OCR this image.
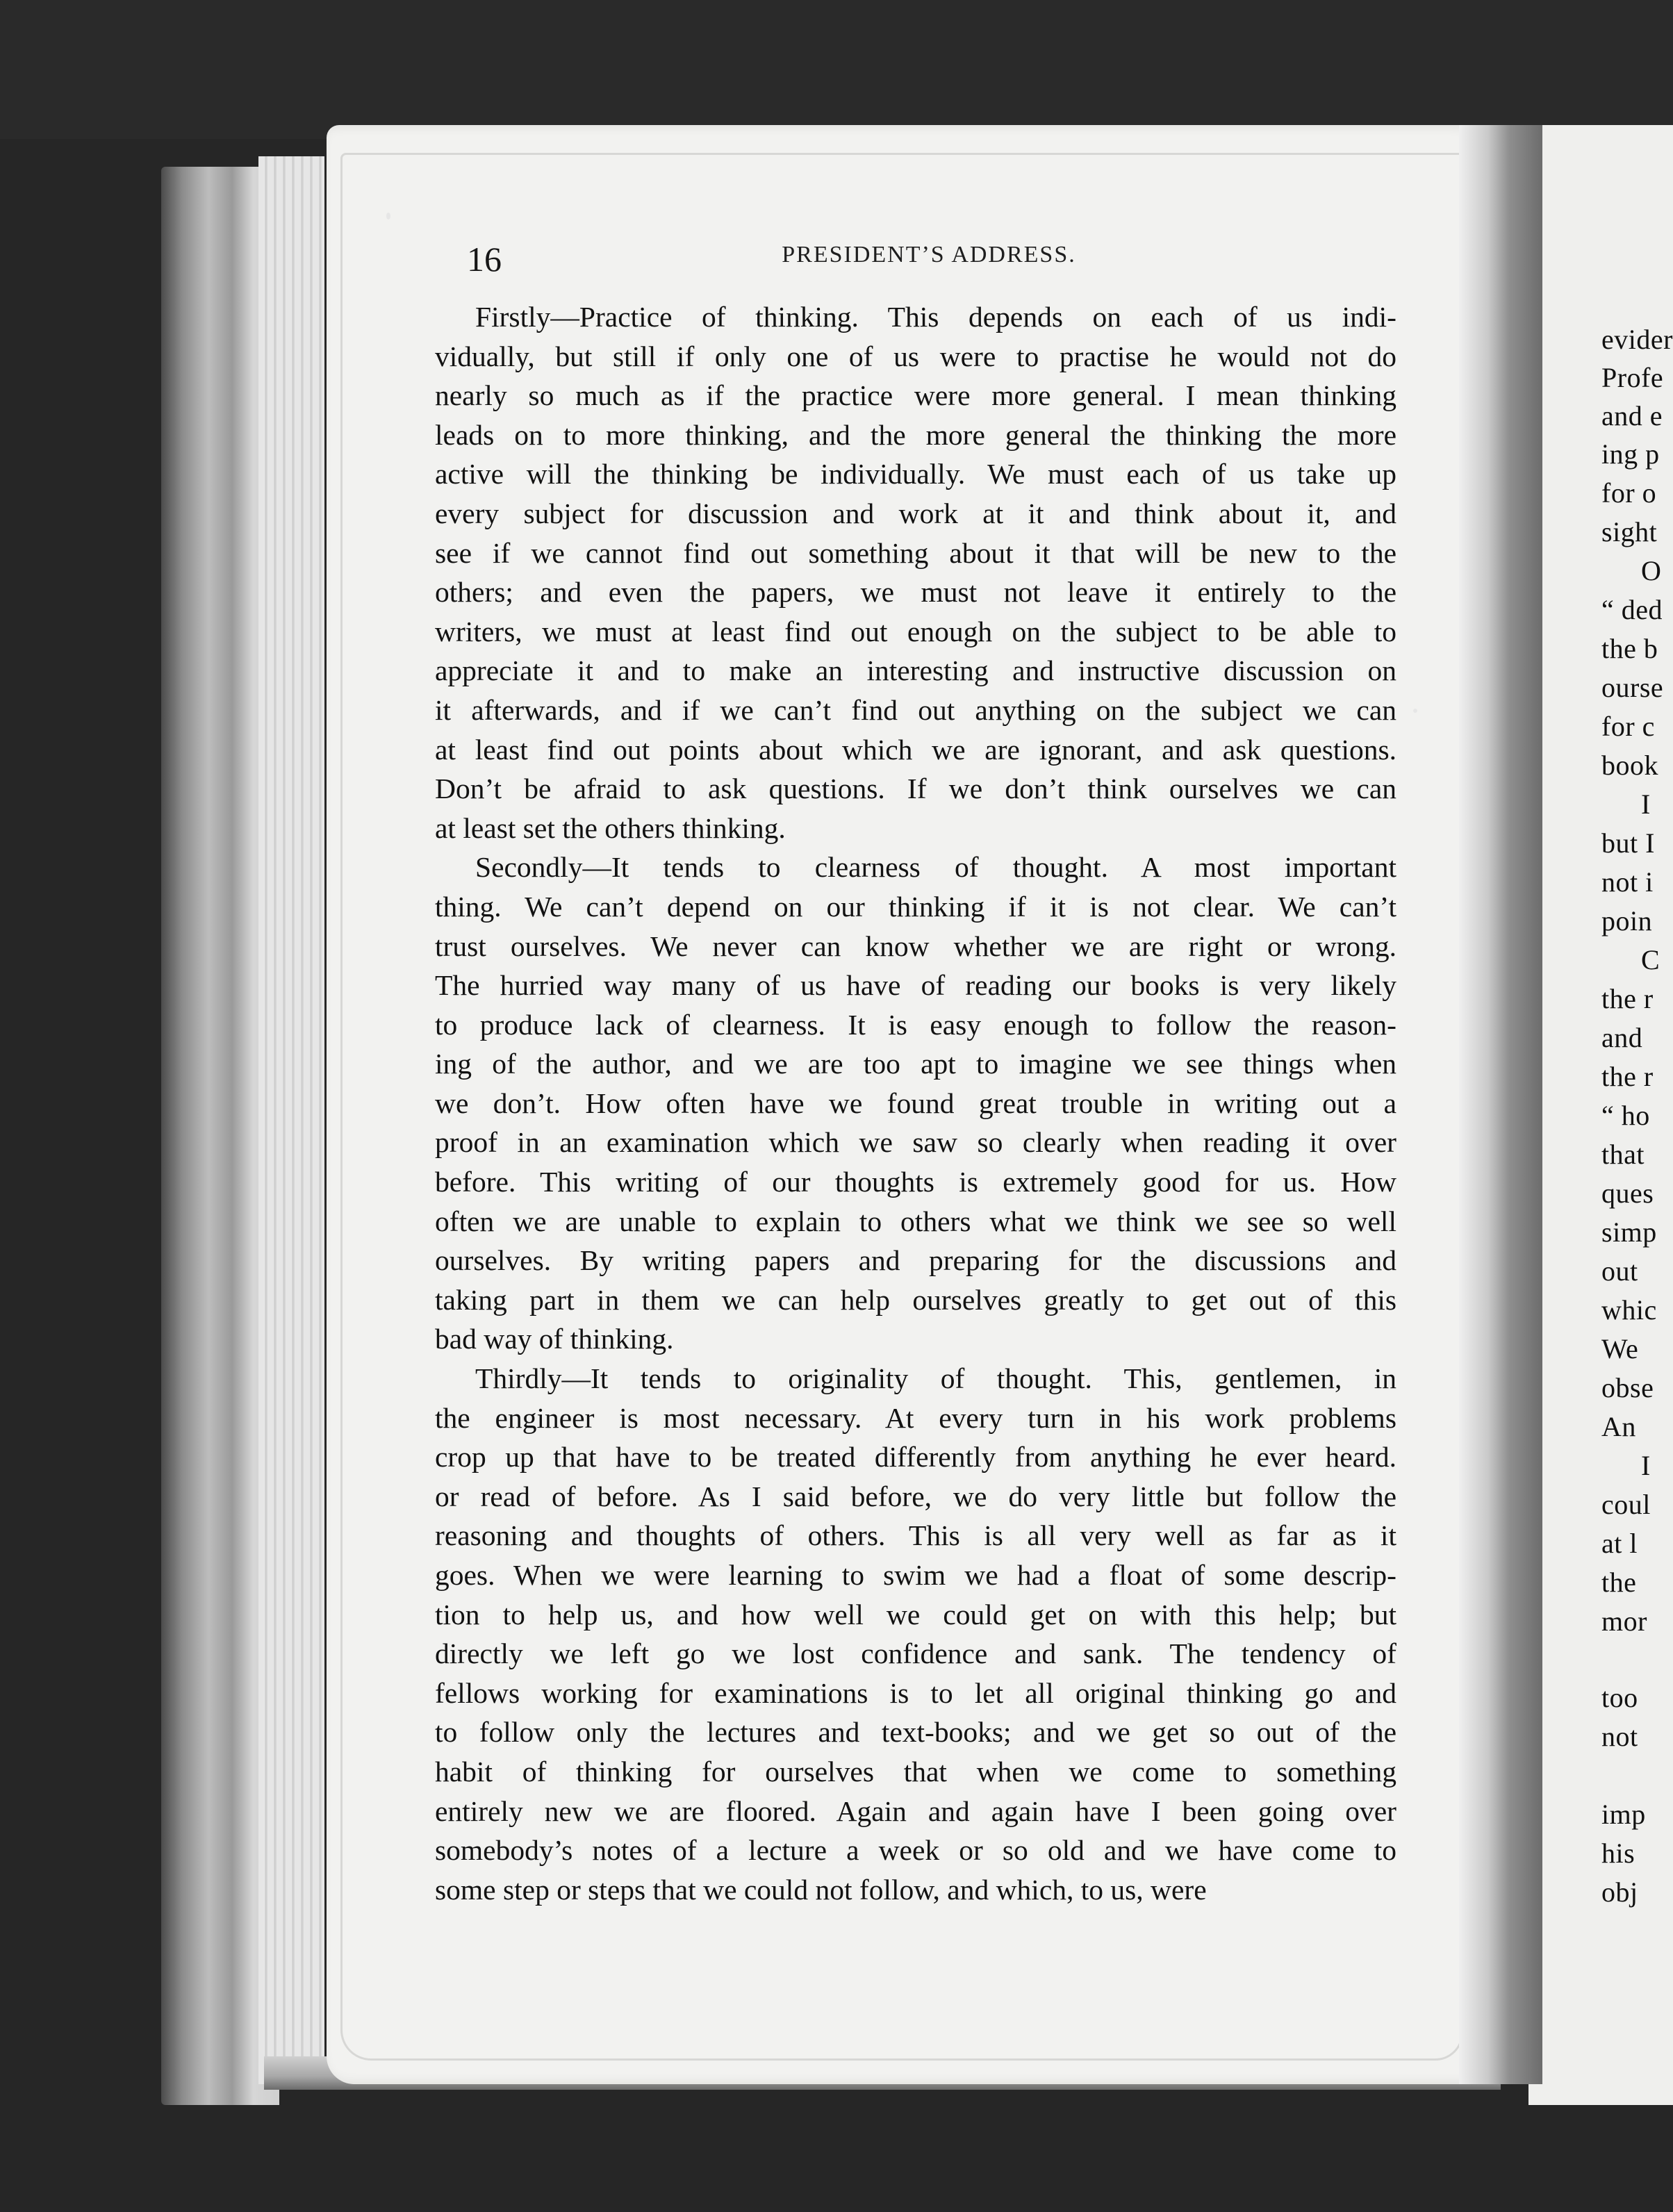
evider
Profe
and e
ing p
for o
sight
O
“ ded
the b
ourse
for c
book
I
but I
not i
poin
C
the r
and
the r
“ ho
that
ques
simp
out
whic
We
obse
An
I
coul
at l
the
mor
too
not
imp
his
obj
16	PRESIDENT’S ADDRESS.
Firstly—Practice of thinking. This depends on each of us indi-
vidually, but still if only one of us were to practise he would not do
nearly so much as if the practice were more general. I mean thinking
leads on to more thinking, and the more general the thinking the more
active will the thinking be individually. We must each of us take up
every subject for discussion and work at it and think about it, and
see if we cannot find out something about it that will be new to the
others; and even the papers, we must not leave it entirely to the
writers, we must at least find out enough on the subject to be able to
appreciate it and to make an interesting and instructive discussion on
it afterwards, and if we can’t find out anything on the subject we can
at least find out points about which we are ignorant, and ask questions.
Don’t be afraid to ask questions. If we don’t think ourselves we can
at least set the others thinking.
Secondly—It tends to clearness of thought. A most important
thing. We can’t depend on our thinking if it is not clear. We can’t
trust ourselves. We never can know whether we are right or wrong.
The hurried way many of us have of reading our books is very likely
to produce lack of clearness. It is easy enough to follow the reason-
ing of the author, and we are too apt to imagine we see things when
we don’t. How often have we found great trouble in writing out a
proof in an examination which we saw so clearly when reading it over
before. This writing of our thoughts is extremely good for us. How
often we are unable to explain to others what we think we see so well
ourselves. By writing papers and preparing for the discussions and
taking part in them we can help ourselves greatly to get out of this
bad way of thinking.
Thirdly—It tends to originality of thought. This, gentlemen, in
the engineer is most necessary. At every turn in his work problems
crop up that have to be treated differently from anything he ever heard.
or read of before. As I said before, we do very little but follow the
reasoning and thoughts of others. This is all very well as far as it
goes. When we were learning to swim we had a float of some descrip-
tion to help us, and how well we could get on with this help; but
directly we left go we lost confidence and sank. The tendency of
fellows working for examinations is to let all original thinking go and
to follow only the lectures and text-books; and we get so out of the
habit of thinking for ourselves that when we come to something
entirely new we are floored. Again and again have I been going over
somebody’s notes of a lecture a week or so old and we have come to
some step or steps that we could not follow, and which, to us, were
